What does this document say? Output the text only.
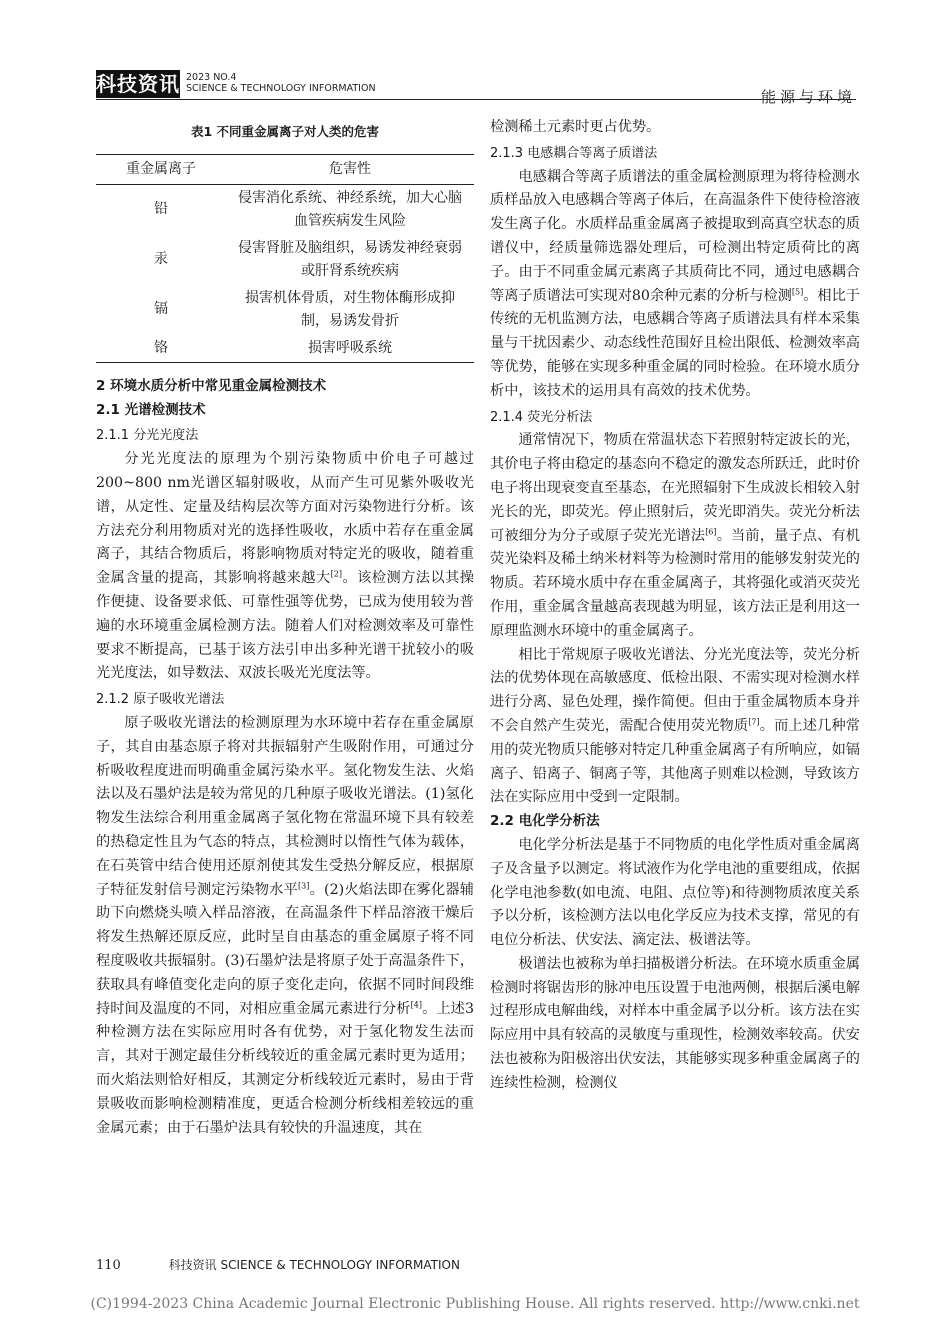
科技资讯 2023 NO.4
SCIENCE & TECHNOLOGY INFORMATION	能源与环境
表1 不同重金属离子对人类的危害
重金属离子	危害性
铅	侵害消化系统、神经系统，加大心脑血管疾病发生风险
汞	侵害肾脏及脑组织，易诱发神经衰弱或肝肾系统疾病
镉	损害机体骨质，对生物体酶形成抑制，易诱发骨折
铬	损害呼吸系统
2 环境水质分析中常见重金属检测技术
2.1 光谱检测技术
2.1.1 分光光度法

分光光度法的原理为个别污染物质中价电子可越过200~800 nm光谱区辐射吸收，从而产生可见紫外吸收光谱，从定性、定量及结构层次等方面对污染物进行分析。该方法充分利用物质对光的选择性吸收，水质中若存在重金属离子，其结合物质后，将影响物质对特定光的吸收，随着重金属含量的提高，其影响将越来越大[2]。该检测方法以其操作便捷、设备要求低、可靠性强等优势，已成为使用较为普遍的水环境重金属检测方法。随着人们对检测效率及可靠性要求不断提高，已基于该方法引申出多种光谱干扰较小的吸光光度法，如导数法、双波长吸光光度法等。

2.1.2 原子吸收光谱法

原子吸收光谱法的检测原理为水环境中若存在重金属原子，其自由基态原子将对共振辐射产生吸附作用，可通过分析吸收程度进而明确重金属污染水平。氢化物发生法、火焰法以及石墨炉法是较为常见的几种原子吸收光谱法。(1)氢化物发生法综合利用重金属离子氢化物在常温环境下具有较差的热稳定性且为气态的特点，其检测时以惰性气体为载体，在石英管中结合使用还原剂使其发生受热分解反应，根据原子特征发射信号测定污染物水平[3]。(2)火焰法即在雾化器辅助下向燃烧头喷入样品溶液，在高温条件下样品溶液干燥后将发生热解还原反应，此时呈自由基态的重金属原子将不同程度吸收共振辐射。(3)石墨炉法是将原子处于高温条件下，获取具有峰值变化走向的原子变化走向，依据不同时间段维持时间及温度的不同，对相应重金属元素进行分析[4]。上述3种检测方法在实际应用时各有优势，对于氢化物发生法而言，其对于测定最佳分析线较近的重金属元素时更为适用；而火焰法则恰好相反，其测定分析线较近元素时，易由于背景吸收而影响检测精准度，更适合检测分析线相差较远的重金属元素；由于石墨炉法具有较快的升温速度，其在

检测稀土元素时更占优势。

2.1.3 电感耦合等离子质谱法

电感耦合等离子质谱法的重金属检测原理为将待检测水质样品放入电感耦合等离子体后，在高温条件下使待检溶液发生离子化。水质样品重金属离子被提取到高真空状态的质谱仪中，经质量筛选器处理后，可检测出特定质荷比的离子。由于不同重金属元素离子其质荷比不同，通过电感耦合等离子质谱法可实现对80余种元素的分析与检测[5]。相比于传统的无机监测方法，电感耦合等离子质谱法具有样本采集量与干扰因素少、动态线性范围好且检出限低、检测效率高等优势，能够在实现多种重金属的同时检验。在环境水质分析中，该技术的运用具有高效的技术优势。

2.1.4 荧光分析法

通常情况下，物质在常温状态下若照射特定波长的光，其价电子将由稳定的基态向不稳定的激发态所跃迁，此时价电子将出现衰变直至基态，在光照辐射下生成波长相较入射光长的光，即荧光。停止照射后，荧光即消失。荧光分析法可被细分为分子或原子荧光光谱法[6]。当前，量子点、有机荧光染料及稀土纳米材料等为检测时常用的能够发射荧光的物质。若环境水质中存在重金属离子，其将强化或消灭荧光作用，重金属含量越高表现越为明显，该方法正是利用这一原理监测水环境中的重金属离子。

相比于常规原子吸收光谱法、分光光度法等，荧光分析法的优势体现在高敏感度、低检出限、不需实现对检测水样进行分离、显色处理，操作简便。但由于重金属物质本身并不会自然产生荧光，需配合使用荧光物质[7]。而上述几种常用的荧光物质只能够对特定几种重金属离子有所响应，如镉离子、铅离子、铜离子等，其他离子则难以检测，导致该方法在实际应用中受到一定限制。

2.2 电化学分析法

电化学分析法是基于不同物质的电化学性质对重金属离子及含量予以测定。将试液作为化学电池的重要组成，依据化学电池参数(如电流、电阻、点位等)和待测物质浓度关系予以分析，该检测方法以电化学反应为技术支撑，常见的有电位分析法、伏安法、滴定法、极谱法等。

极谱法也被称为单扫描极谱分析法。在环境水质重金属检测时将锯齿形的脉冲电压设置于电池两侧，根据后溪电解过程形成电解曲线，对样本中重金属予以分析。该方法在实际应用中具有较高的灵敏度与重现性，检测效率较高。伏安法也被称为阳极溶出伏安法，其能够实现多种重金属离子的连续性检测，检测仪

110	科技资讯 SCIENCE & TECHNOLOGY INFORMATION
(C)1994-2023 China Academic Journal Electronic Publishing House. All rights reserved. http://www.cnki.net
